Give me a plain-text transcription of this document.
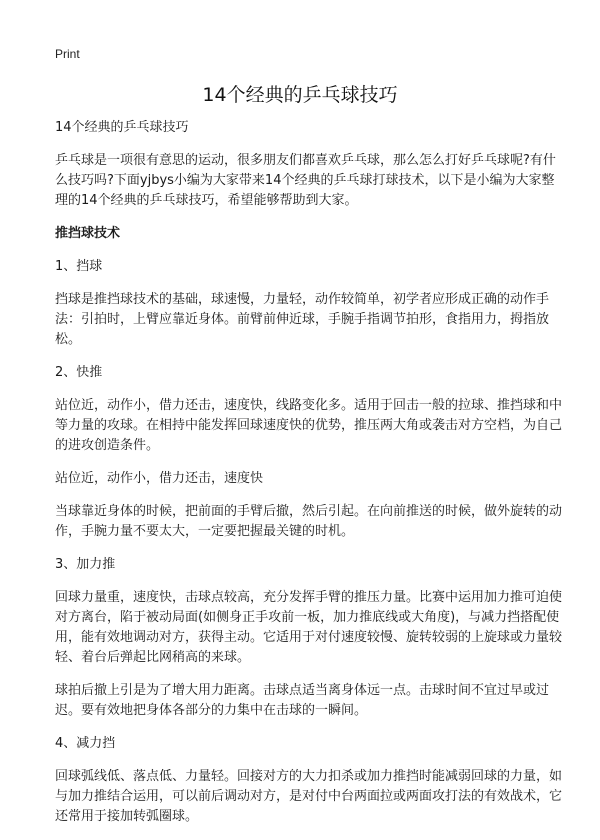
Print
14个经典的乒乓球技巧

14个经典的乒乓球技巧

乒乓球是一项很有意思的运动，很多朋友们都喜欢乒乓球，那么怎么打好乒乓球呢?有什么技巧吗?下面yjbys小编为大家带来14个经典的乒乓球打球技术，以下是小编为大家整理的14个经典的乒乓球技巧，希望能够帮助到大家。

推挡球技术
1、挡球

挡球是推挡球技术的基础，球速慢，力量轻，动作较简单，初学者应形成正确的动作手法：引拍时，上臂应靠近身体。前臂前伸近球，手腕手指调节拍形，食指用力，拇指放松。

2、快推

站位近，动作小，借力还击，速度快，线路变化多。适用于回击一般的拉球、推挡球和中等力量的攻球。在相持中能发挥回球速度快的优势，推压两大角或袭击对方空档，为自己的进攻创造条件。

站位近，动作小，借力还击，速度快

当球靠近身体的时候，把前面的手臂后撤，然后引起。在向前推送的时候，做外旋转的动作，手腕力量不要太大，一定要把握最关键的时机。

3、加力推

回球力量重，速度快，击球点较高，充分发挥手臂的推压力量。比赛中运用加力推可迫使对方离台，陷于被动局面(如侧身正手攻前一板，加力推底线或大角度)，与减力挡搭配使用，能有效地调动对方，获得主动。它适用于对付速度较慢、旋转较弱的上旋球或力量较轻、着台后弹起比网稍高的来球。

球拍后撤上引是为了增大用力距离。击球点适当离身体远一点。击球时间不宜过早或过迟。要有效地把身体各部分的力集中在击球的一瞬间。

4、减力挡

回球弧线低、落点低、力量轻。回接对方的大力扣杀或加力推挡时能减弱回球的力量，如与加力推结合运用，可以前后调动对方，是对付中台两面拉或两面攻打法的有效战术，它还常用于接加转弧圈球。
